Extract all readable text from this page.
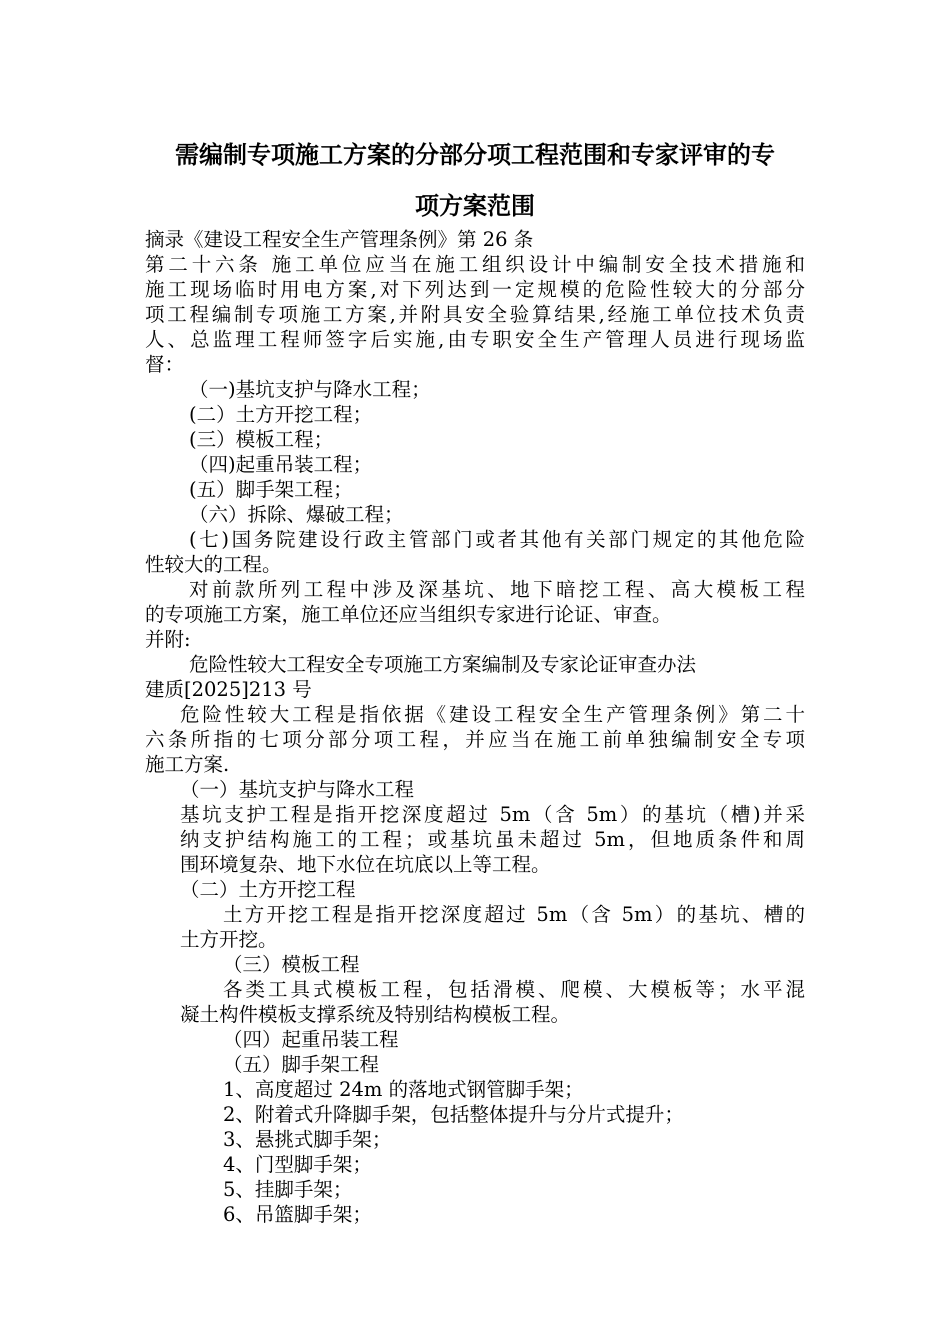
需编制专项施工方案的分部分项工程范围和专家评审的专
项方案范围
摘录《建设工程安全生产管理条例》第 26 条
第二十六条 施工单位应当在施工组织设计中编制安全技术措施和
施工现场临时用电方案,对下列达到一定规模的危险性较大的分部分
项工程编制专项施工方案,并附具安全验算结果,经施工单位技术负责
人、总监理工程师签字后实施,由专职安全生产管理人员进行现场监
督：
（一)基坑支护与降水工程；
(二）土方开挖工程；
(三）模板工程；
（四)起重吊装工程；
(五）脚手架工程；
（六）拆除、爆破工程；
(七)国务院建设行政主管部门或者其他有关部门规定的其他危险
性较大的工程。
对前款所列工程中涉及深基坑、地下暗挖工程、高大模板工程
的专项施工方案，施工单位还应当组织专家进行论证、审查。
并附:
危险性较大工程安全专项施工方案编制及专家论证审查办法
建质[2025]213 号
危险性较大工程是指依据《建设工程安全生产管理条例》第二十
六条所指的七项分部分项工程，并应当在施工前单独编制安全专项
施工方案.
（一）基坑支护与降水工程
基坑支护工程是指开挖深度超过 5m（含 5m）的基坑（槽)并采
纳支护结构施工的工程；或基坑虽未超过 5m，但地质条件和周
围环境复杂、地下水位在坑底以上等工程。
（二）土方开挖工程
土方开挖工程是指开挖深度超过 5m（含 5m）的基坑、槽的
土方开挖。
（三）模板工程
各类工具式模板工程，包括滑模、爬模、大模板等；水平混
凝土构件模板支撑系统及特别结构模板工程。
（四）起重吊装工程
（五）脚手架工程
1、高度超过 24m 的落地式钢管脚手架；
2、附着式升降脚手架，包括整体提升与分片式提升；
3、悬挑式脚手架；
4、门型脚手架；
5、挂脚手架；
6、吊篮脚手架；
